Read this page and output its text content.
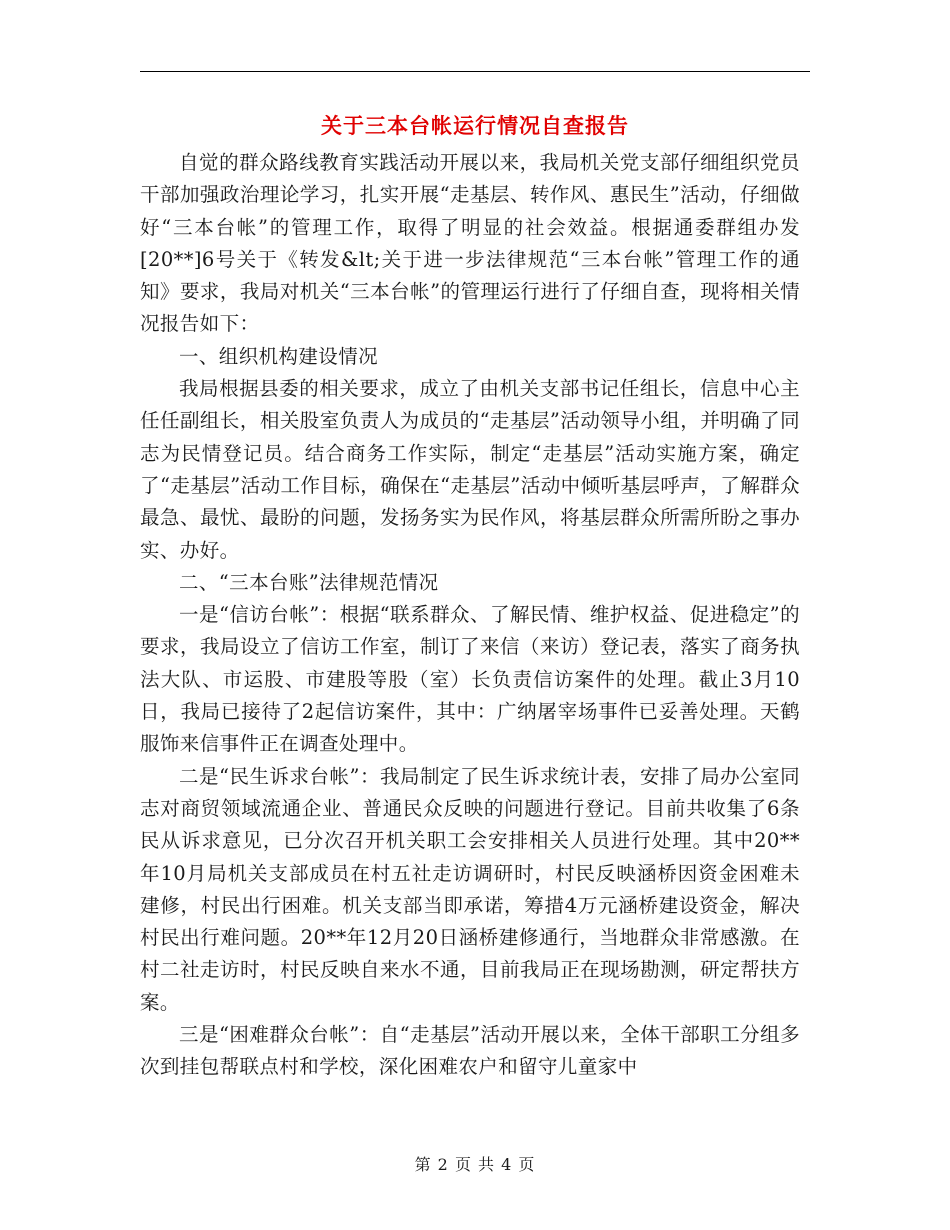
关于三本台帐运行情况自查报告

自觉的群众路线教育实践活动开展以来，我局机关党支部仔细组织党员干部加强政治理论学习，扎实开展“走基层、转作风、惠民生”活动，仔细做好“三本台帐”的管理工作，取得了明显的社会效益。根据通委群组办发[20**]6号关于《转发&lt;关于进一步法律规范“三本台帐”管理工作的通知》要求，我局对机关“三本台帐”的管理运行进行了仔细自查，现将相关情况报告如下：

一、组织机构建设情况

我局根据县委的相关要求，成立了由机关支部书记任组长，信息中心主任任副组长，相关股室负责人为成员的“走基层”活动领导小组，并明确了同志为民情登记员。结合商务工作实际，制定“走基层”活动实施方案，确定了“走基层”活动工作目标，确保在“走基层”活动中倾听基层呼声，了解群众最急、最忧、最盼的问题，发扬务实为民作风，将基层群众所需所盼之事办实、办好。

二、“三本台账”法律规范情况

一是“信访台帐”：根据“联系群众、了解民情、维护权益、促进稳定”的要求，我局设立了信访工作室，制订了来信（来访）登记表，落实了商务执法大队、市运股、市建股等股（室）长负责信访案件的处理。截止3月10日，我局已接待了2起信访案件，其中：广纳屠宰场事件已妥善处理。天鹤服饰来信事件正在调查处理中。

二是“民生诉求台帐”：我局制定了民生诉求统计表，安排了局办公室同志对商贸领域流通企业、普通民众反映的问题进行登记。目前共收集了6条民从诉求意见，已分次召开机关职工会安排相关人员进行处理。其中20**年10月局机关支部成员在村五社走访调研时，村民反映涵桥因资金困难未建修，村民出行困难。机关支部当即承诺，筹措4万元涵桥建设资金，解决村民出行难问题。20**年12月20日涵桥建修通行，当地群众非常感激。在村二社走访时，村民反映自来水不通，目前我局正在现场勘测，研定帮扶方案。

三是“困难群众台帐”：自“走基层”活动开展以来，全体干部职工分组多次到挂包帮联点村和学校，深化困难农户和留守儿童家中

第 2 页 共 4 页
